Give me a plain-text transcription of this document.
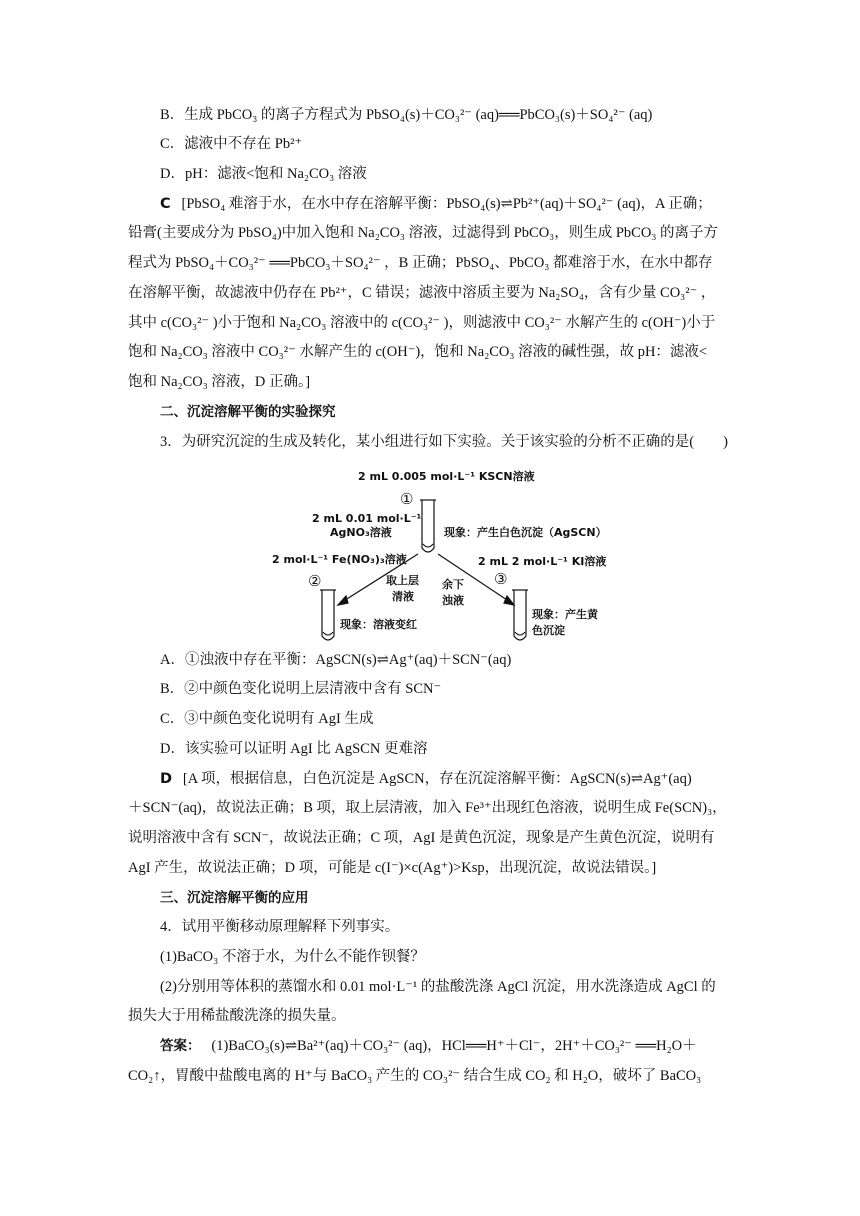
B．生成 PbCO₃ 的离子方程式为 PbSO₄(s)＋CO₃²⁻ (aq)══PbCO₃(s)＋SO₄²⁻ (aq)

C．滤液中不存在 Pb²⁺

D．pH：滤液<饱和 Na₂CO₃ 溶液

C [PbSO₄ 难溶于水，在水中存在溶解平衡：PbSO₄(s)⇌Pb²⁺(aq)＋SO₄²⁻ (aq)，A 正确；

铅膏(主要成分为 PbSO₄)中加入饱和 Na₂CO₃ 溶液，过滤得到 PbCO₃，则生成 PbCO₃ 的离子方

程式为 PbSO₄＋CO₃²⁻ ══PbCO₃＋SO₄²⁻ ，B 正确；PbSO₄、PbCO₃ 都难溶于水，在水中都存

在溶解平衡，故滤液中仍存在 Pb²⁺，C 错误；滤液中溶质主要为 Na₂SO₄，含有少量 CO₃²⁻ ，

其中 c(CO₃²⁻ )小于饱和 Na₂CO₃ 溶液中的 c(CO₃²⁻ )，则滤液中 CO₃²⁻ 水解产生的 c(OH⁻)小于

饱和 Na₂CO₃ 溶液中 CO₃²⁻ 水解产生的 c(OH⁻)，饱和 Na₂CO₃ 溶液的碱性强，故 pH：滤液<

饱和 Na₂CO₃ 溶液，D 正确。]

二、沉淀溶解平衡的实验探究

3．为研究沉淀的生成及转化，某小组进行如下实验。关于该实验的分析不正确的是(　　)

2 mL 0.005 mol·L⁻¹ KSCN溶液
①
2 mL 0.01 mol·L⁻¹
AgNO₃溶液	现象：产生白色沉淀（AgSCN）
2 mol·L⁻¹ Fe(NO₃)₃溶液
②	取上层
清液
余下
浊液
2 mL 2 mol·L⁻¹ KI溶液
③
现象：溶液变红
现象：产生黄
色沉淀

A．①浊液中存在平衡：AgSCN(s)⇌Ag⁺(aq)＋SCN⁻(aq)

B．②中颜色变化说明上层清液中含有 SCN⁻

C．③中颜色变化说明有 AgI 生成

D．该实验可以证明 AgI 比 AgSCN 更难溶

D [A 项，根据信息，白色沉淀是 AgSCN，存在沉淀溶解平衡：AgSCN(s)⇌Ag⁺(aq)

＋SCN⁻(aq)，故说法正确；B 项，取上层清液，加入 Fe³⁺出现红色溶液，说明生成 Fe(SCN)₃，

说明溶液中含有 SCN⁻，故说法正确；C 项，AgI 是黄色沉淀，现象是产生黄色沉淀，说明有

AgI 产生，故说法正确；D 项，可能是 c(I⁻)×c(Ag⁺)>Ksp，出现沉淀，故说法错误。]

三、沉淀溶解平衡的应用

4．试用平衡移动原理解释下列事实。

(1)BaCO₃ 不溶于水，为什么不能作钡餐？

(2)分别用等体积的蒸馏水和 0.01 mol·L⁻¹ 的盐酸洗涤 AgCl 沉淀，用水洗涤造成 AgCl 的

损失大于用稀盐酸洗涤的损失量。

答案： (1)BaCO₃(s)⇌Ba²⁺(aq)＋CO₃²⁻ (aq)，HCl══H⁺＋Cl⁻，2H⁺＋CO₃²⁻ ══H₂O＋

CO₂↑，胃酸中盐酸电离的 H⁺与 BaCO₃ 产生的 CO₃²⁻ 结合生成 CO₂ 和 H₂O，破坏了 BaCO₃
